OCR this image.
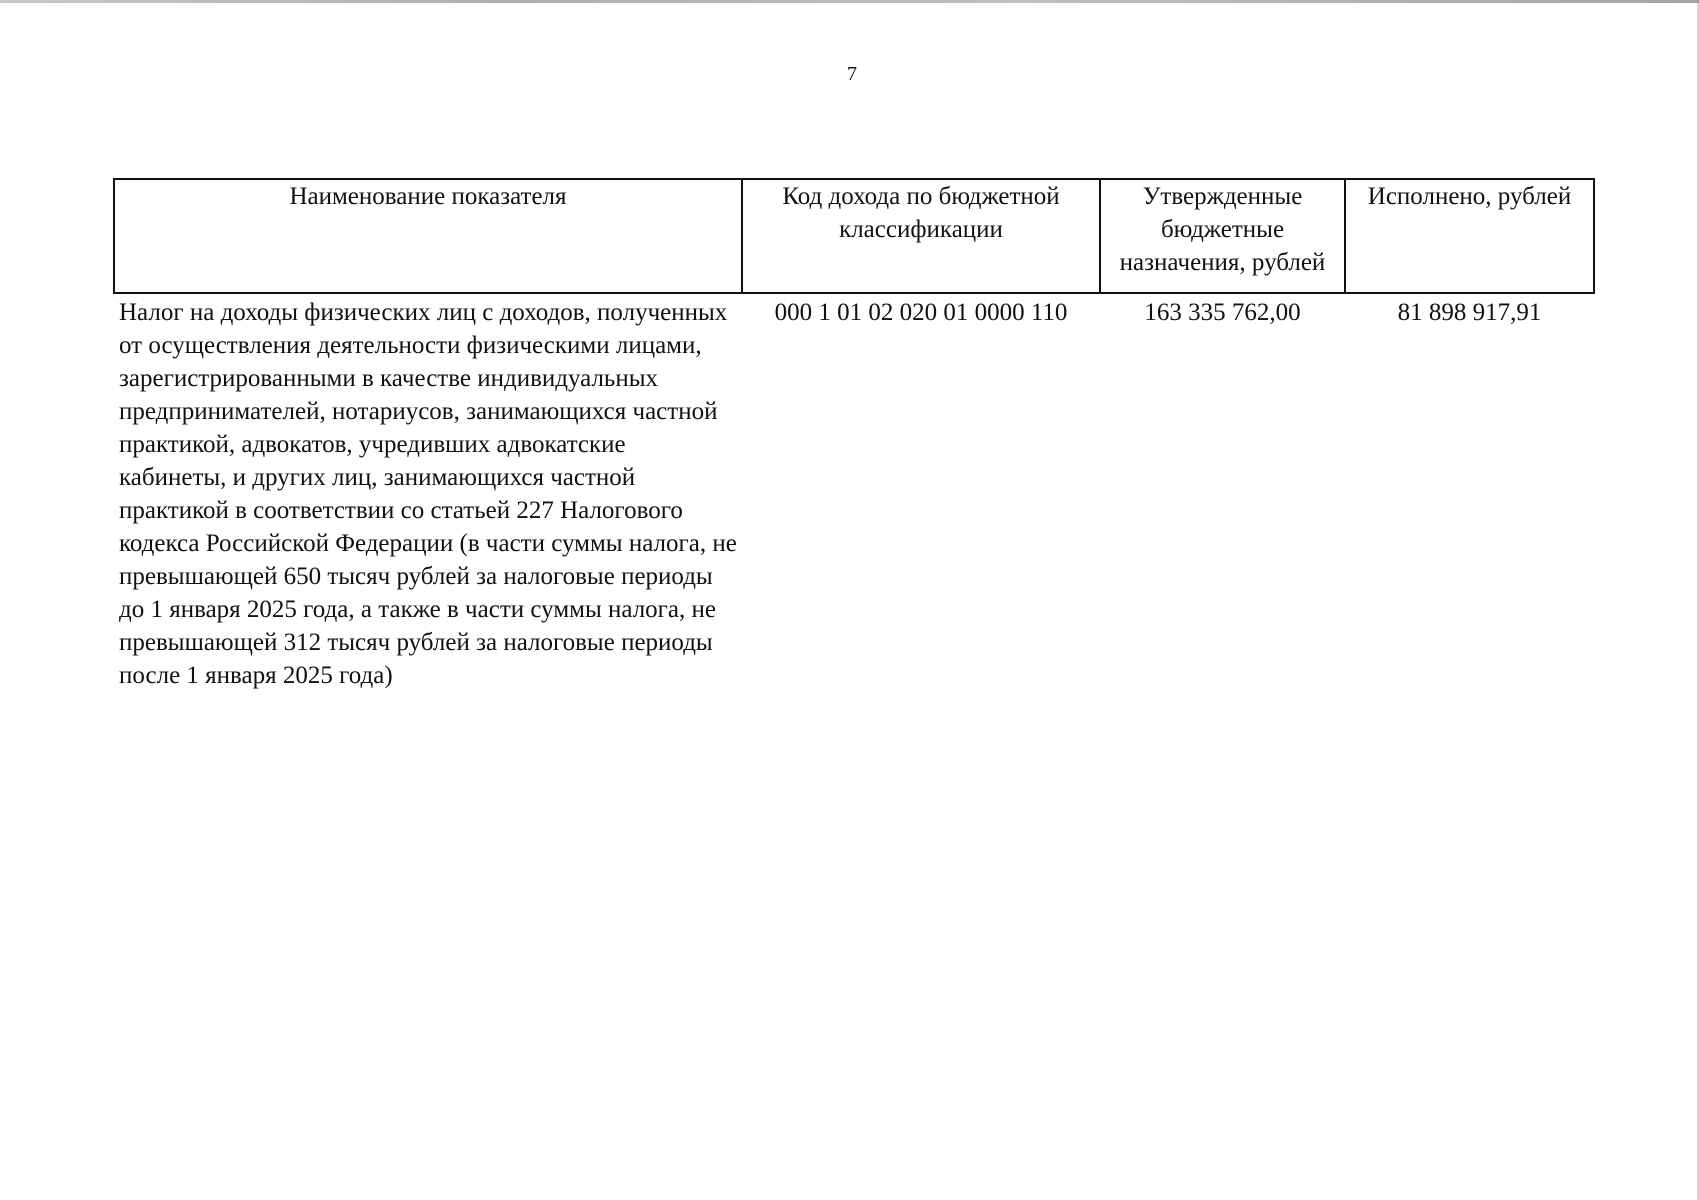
7
Наименование показателя	Код дохода по бюджетной классификации	Утвержденные бюджетные назначения, рублей	Исполнено, рублей
Налог на доходы физических лиц с доходов, полученных от осуществления деятельности физическими лицами, зарегистрированными в качестве индивидуальных предпринимателей, нотариусов, занимающихся частной практикой, адвокатов, учредивших адвокатские кабинеты, и других лиц, занимающихся частной практикой в соответствии со статьей 227 Налогового кодекса Российской Федерации (в части суммы налога, не превышающей 650 тысяч рублей за налоговые периоды до 1 января 2025 года, а также в части суммы налога, не превышающей 312 тысяч рублей за налоговые периоды после 1 января 2025 года)	000 1 01 02 020 01 0000 110	163 335 762,00	81 898 917,91
